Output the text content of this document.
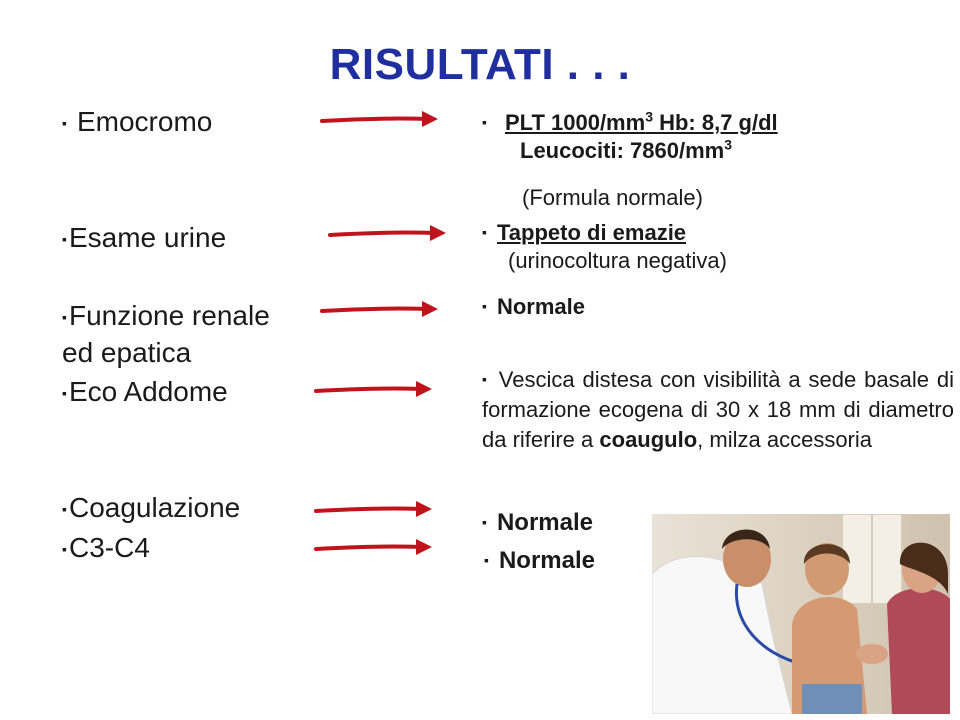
RISULTATI . . .
▪ Emocromo
▪Esame urine
▪Funzione renale
ed epatica
▪Eco Addome
▪Coagulazione
▪C3-C4
▪ PLT $1000/mm^3$ Hb: 8,7 g/dl
Leucociti: $7860/mm^3$
(Formula normale)
▪ Tappeto di emazie
(urinocoltura negativa)
▪ Normale
▪ Vescica distesa con visibilità a sede basale di formazione ecogena di 30 x 18 mm di diametro da riferire a coaugulo, milza accessoria
▪ Normale
▪ Normale
